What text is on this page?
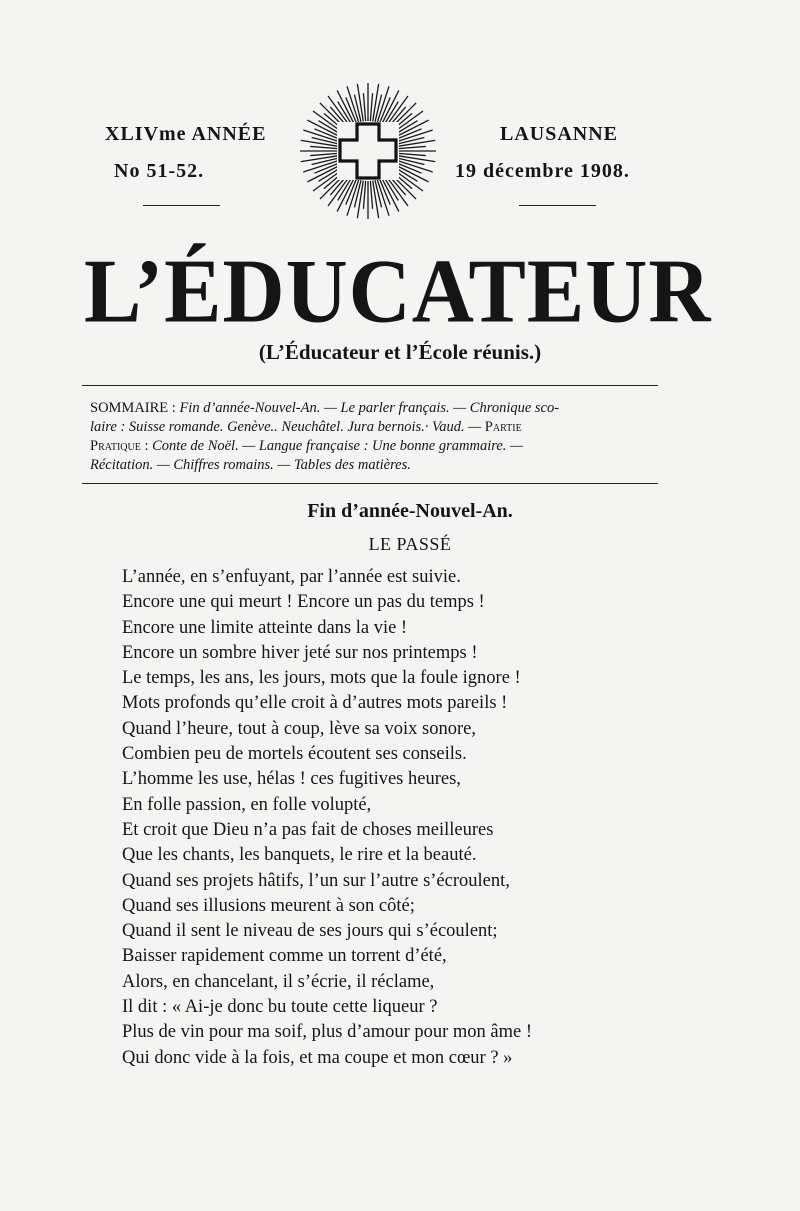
XLIVme ANNÉE
No 51-52.
LAUSANNE
19 décembre 1908.
L’ÉDUCATEUR
(L’Éducateur et l’École réunis.)
SOMMAIRE : Fin d’année-Nouvel-An. — Le parler français. — Chronique sco-
laire : Suisse romande. Genève.. Neuchâtel. Jura bernois.· Vaud. — Partie
Pratique : Conte de Noël. — Langue française : Une bonne grammaire. —
Récitation. — Chiffres romains. — Tables des matières.
Fin d’année-Nouvel-An.
LE PASSÉ
L’année, en s’enfuyant, par l’année est suivie.
Encore une qui meurt ! Encore un pas du temps !
Encore une limite atteinte dans la vie !
Encore un sombre hiver jeté sur nos printemps !
Le temps, les ans, les jours, mots que la foule ignore !
Mots profonds qu’elle croit à d’autres mots pareils !
Quand l’heure, tout à coup, lève sa voix sonore,
Combien peu de mortels écoutent ses conseils.
L’homme les use, hélas ! ces fugitives heures,
En folle passion, en folle volupté,
Et croit que Dieu n’a pas fait de choses meilleures
Que les chants, les banquets, le rire et la beauté.
Quand ses projets hâtifs, l’un sur l’autre s’écroulent,
Quand ses illusions meurent à son côté;
Quand il sent le niveau de ses jours qui s’écoulent;
Baisser rapidement comme un torrent d’été,
Alors, en chancelant, il s’écrie, il réclame,
Il dit : « Ai-je donc bu toute cette liqueur ?
Plus de vin pour ma soif, plus d’amour pour mon âme !
Qui donc vide à la fois, et ma coupe et mon cœur ? »
